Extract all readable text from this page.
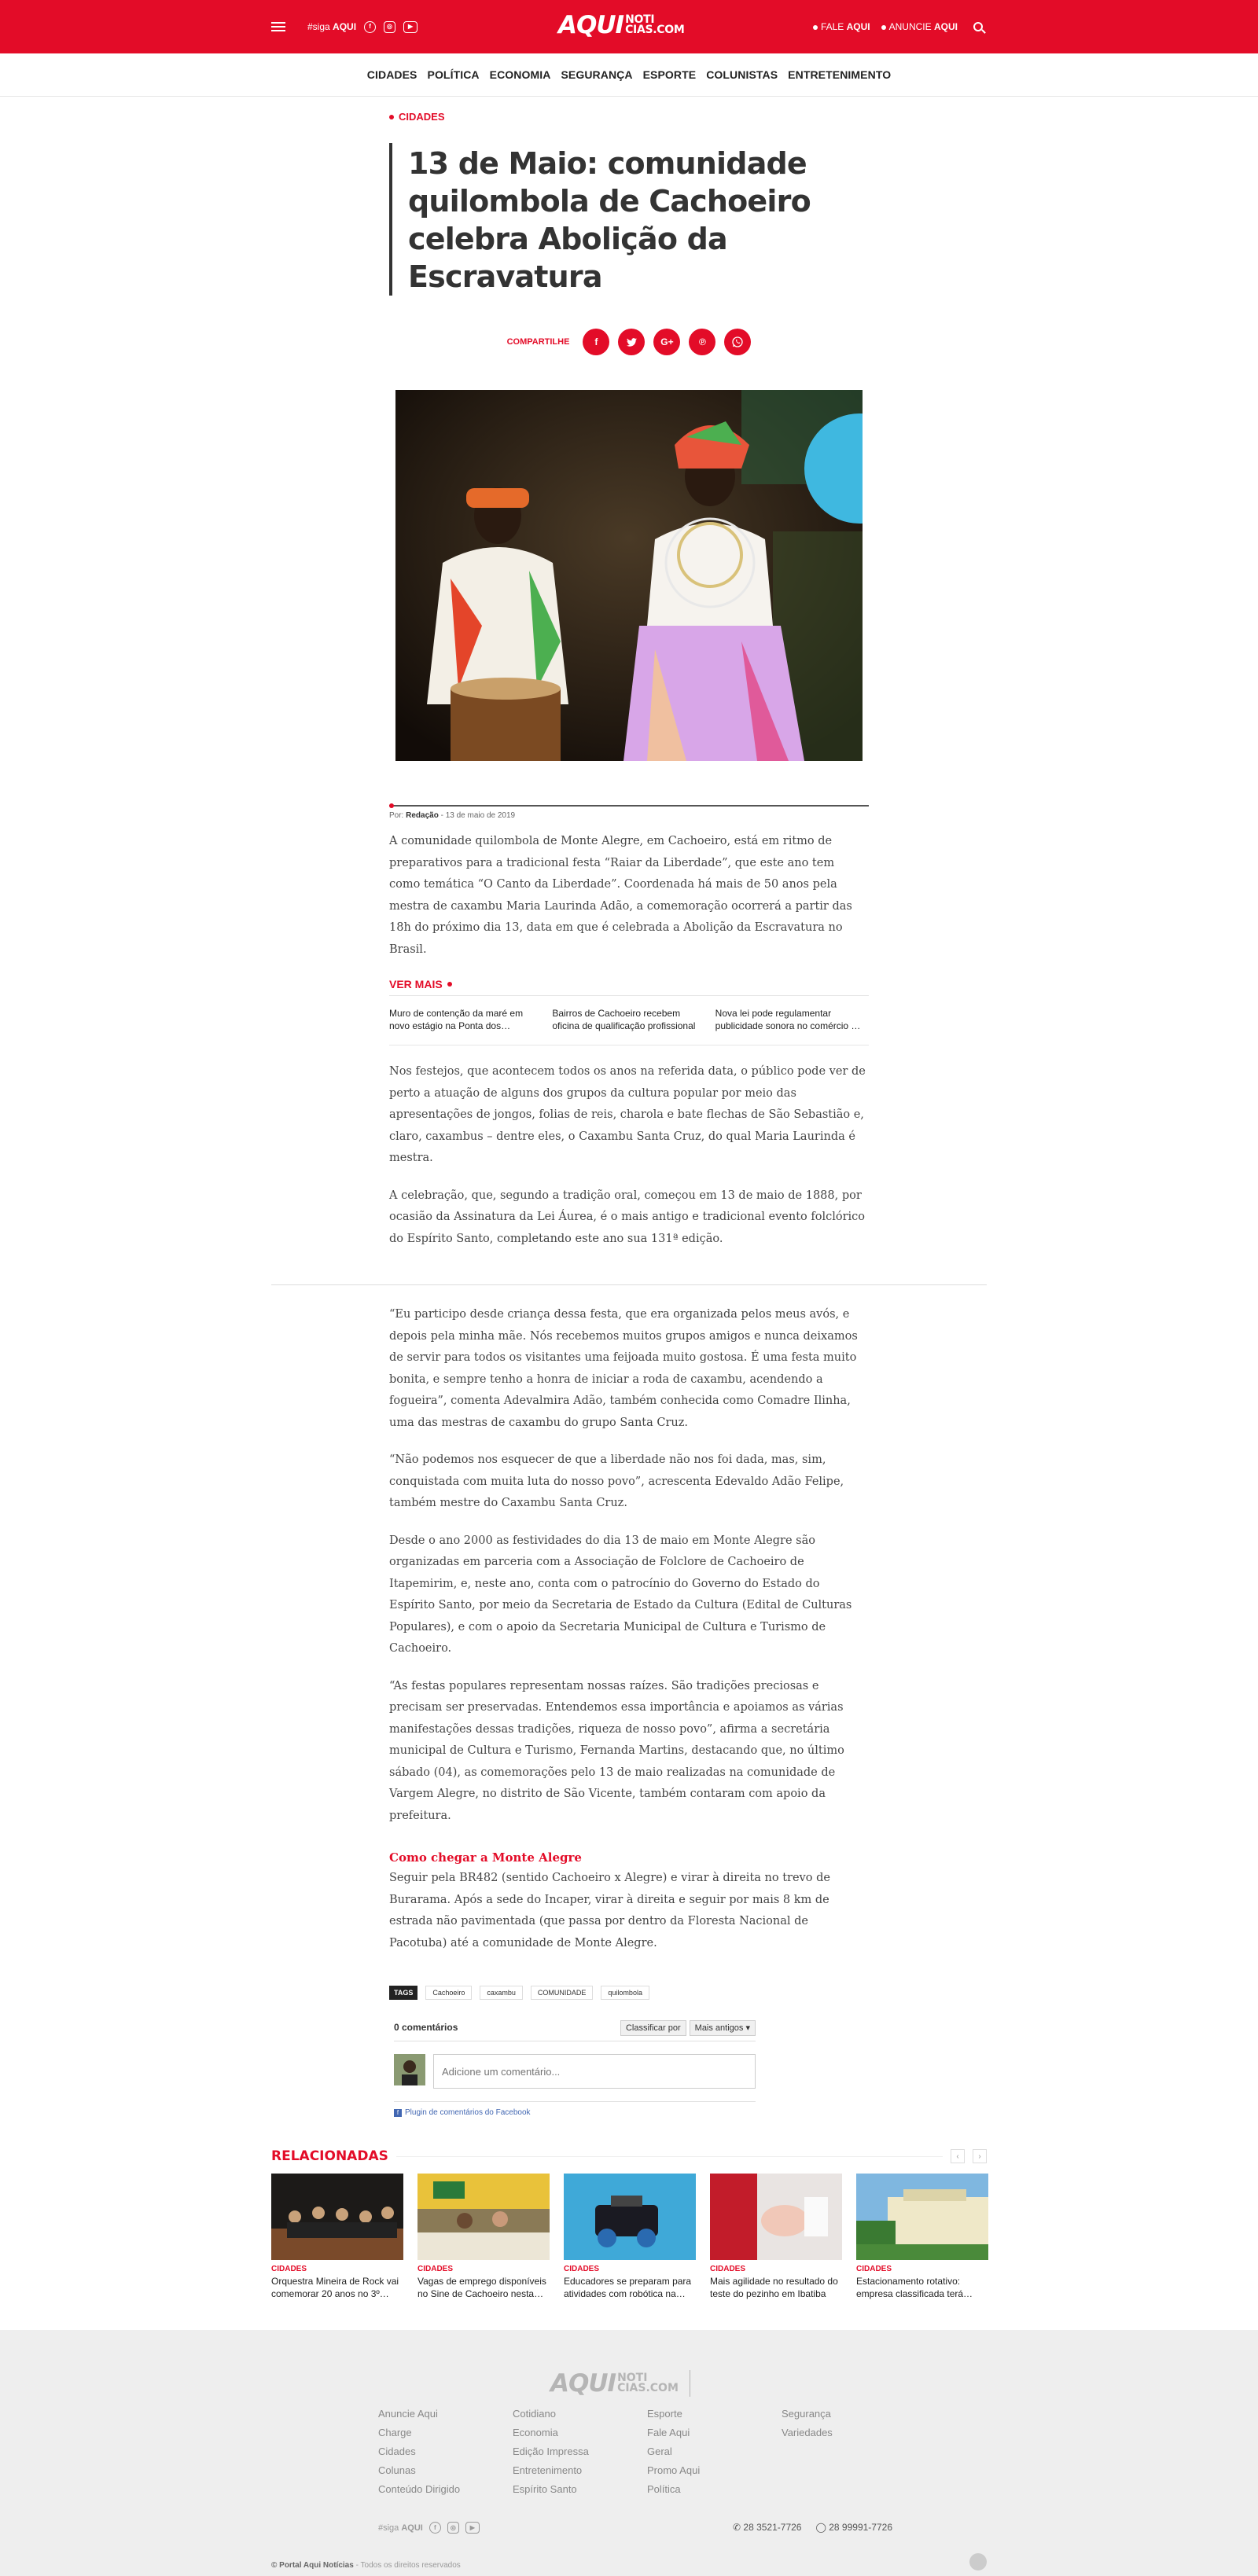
#siga AQUI	f	◎	▶	AQUI NOTI
CIAS.COM	FALE AQUI	ANUNCIE AQUI
CIDADES POLÍTICA ECONOMIA SEGURANÇA ESPORTE COLUNISTAS ENTRETENIMENTO
CIDADES
13 de Maio: comunidade quilombola de Cachoeiro celebra Abolição da Escravatura
COMPARTILHE	f	G+	℗
Por: Redação - 13 de maio de 2019

A comunidade quilombola de Monte Alegre, em Cachoeiro, está em ritmo de preparativos para a tradicional festa “Raiar da Liberdade”, que este ano tem como temática “O Canto da Liberdade”. Coordenada há mais de 50 anos pela mestra de caxambu Maria Laurinda Adão, a comemoração ocorrerá a partir das 18h do próximo dia 13, data em que é celebrada a Abolição da Escravatura no Brasil.

VER MAIS
Muro de contenção da maré em novo estágio na Ponta dos…
Bairros de Cachoeiro recebem oficina de qualificação profissional
Nova lei pode regulamentar publicidade sonora no comércio …

Nos festejos, que acontecem todos os anos na referida data, o público pode ver de perto a atuação de alguns dos grupos da cultura popular por meio das apresentações de jongos, folias de reis, charola e bate flechas de São Sebastião e, claro, caxambus – dentre eles, o Caxambu Santa Cruz, do qual Maria Laurinda é mestra.

A celebração, que, segundo a tradição oral, começou em 13 de maio de 1888, por ocasião da Assinatura da Lei Áurea, é o mais antigo e tradicional evento folclórico do Espírito Santo, completando este ano sua 131ª edição.

“Eu participo desde criança dessa festa, que era organizada pelos meus avós, e depois pela minha mãe. Nós recebemos muitos grupos amigos e nunca deixamos de servir para todos os visitantes uma feijoada muito gostosa. É uma festa muito bonita, e sempre tenho a honra de iniciar a roda de caxambu, acendendo a fogueira”, comenta Adevalmira Adão, também conhecida como Comadre Ilinha, uma das mestras de caxambu do grupo Santa Cruz.

“Não podemos nos esquecer de que a liberdade não nos foi dada, mas, sim, conquistada com muita luta do nosso povo”, acrescenta Edevaldo Adão Felipe, também mestre do Caxambu Santa Cruz.

Desde o ano 2000 as festividades do dia 13 de maio em Monte Alegre são organizadas em parceria com a Associação de Folclore de Cachoeiro de Itapemirim, e, neste ano, conta com o patrocínio do Governo do Estado do Espírito Santo, por meio da Secretaria de Estado da Cultura (Edital de Culturas Populares), e com o apoio da Secretaria Municipal de Cultura e Turismo de Cachoeiro.

“As festas populares representam nossas raízes. São tradições preciosas e precisam ser preservadas. Entendemos essa importância e apoiamos as várias manifestações dessas tradições, riqueza de nosso povo”, afirma a secretária municipal de Cultura e Turismo, Fernanda Martins, destacando que, no último sábado (04), as comemorações pelo 13 de maio realizadas na comunidade de Vargem Alegre, no distrito de São Vicente, também contaram com apoio da prefeitura.

Como chegar a Monte Alegre

Seguir pela BR482 (sentido Cachoeiro x Alegre) e virar à direita no trevo de Burarama. Após a sede do Incaper, virar à direita e seguir por mais 8 km de estrada não pavimentada (que passa por dentro da Floresta Nacional de Pacotuba) até a comunidade de Monte Alegre.

TAGS	Cachoeiro	caxambu	COMUNIDADE	quilombola
0 comentários	Classificar por Mais antigos ▾
Adicione um comentário...
f Plugin de comentários do Facebook
RELACIONADAS	‹	›
CIDADES
Orquestra Mineira de Rock vai comemorar 20 anos no 3º…
CIDADES
Vagas de emprego disponíveis no Sine de Cachoeiro nesta…
CIDADES
Educadores se preparam para atividades com robótica na…
CIDADES
Mais agilidade no resultado do teste do pezinho em Ibatiba
CIDADES
Estacionamento rotativo: empresa classificada terá…
AQUI NOTI
CIAS.COM
Anuncie Aqui
Charge
Cidades
Colunas
Conteúdo Dirigido
Cotidiano
Economia
Edição Impressa
Entretenimento
Espírito Santo
Esporte
Fale Aqui
Geral
Promo Aqui
Política
Segurança
Variedades
#siga AQUI	f	◎	▶	✆ 28 3521-7726 ◯ 28 99991-7726
© Portal Aqui Notícias - Todos os direitos reservados
